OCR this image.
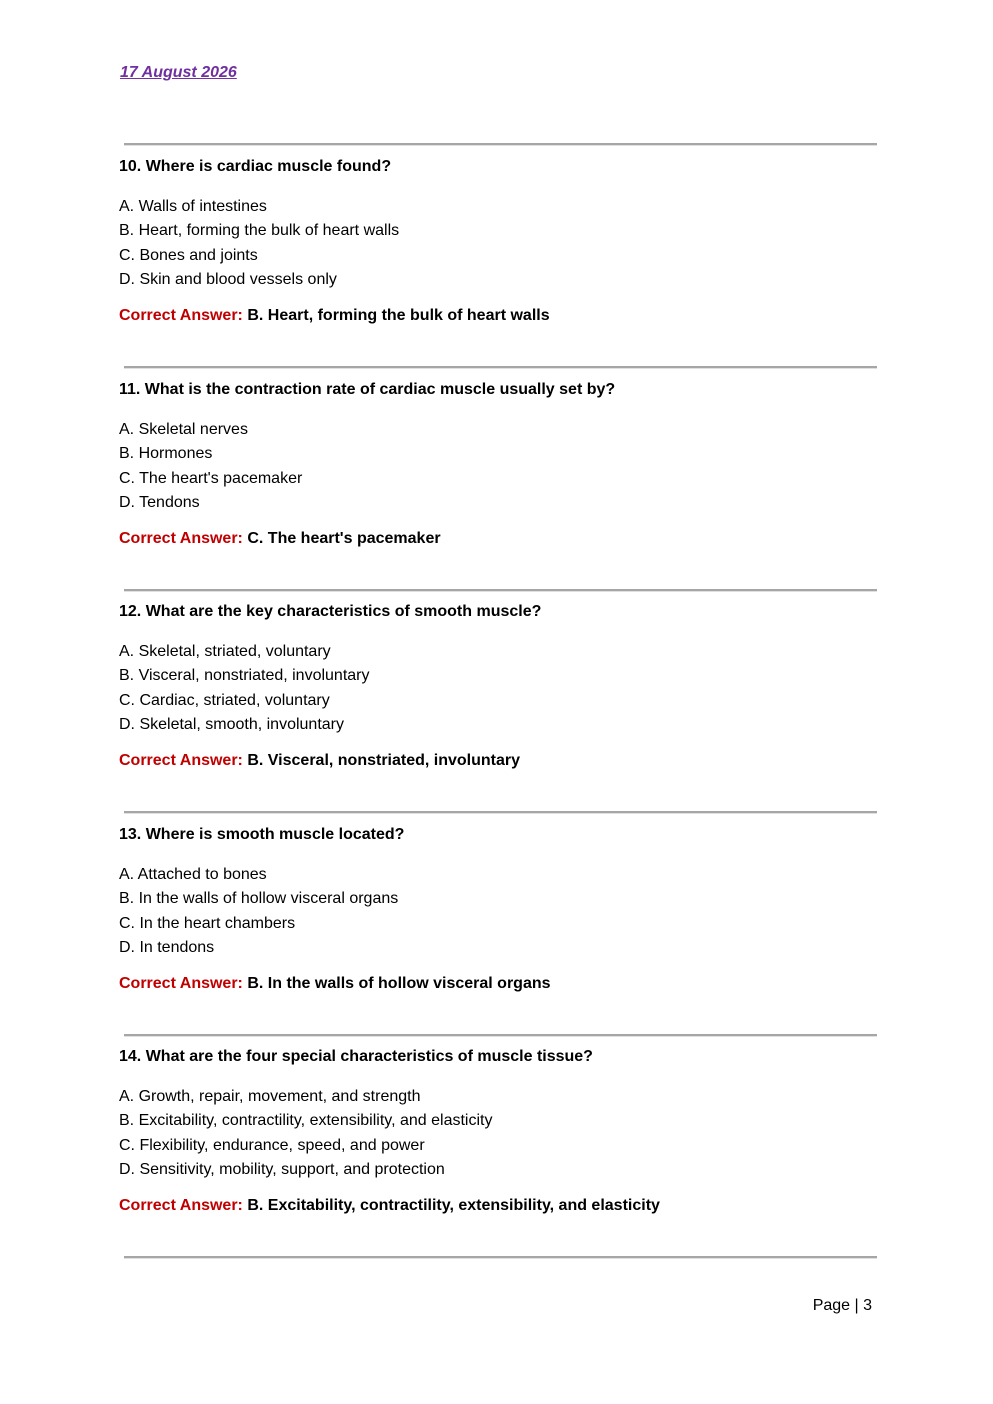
17 August 2026
10. Where is cardiac muscle found?
A. Walls of intestines
B. Heart, forming the bulk of heart walls
C. Bones and joints
D. Skin and blood vessels only
Correct Answer: B. Heart, forming the bulk of heart walls
11. What is the contraction rate of cardiac muscle usually set by?
A. Skeletal nerves
B. Hormones
C. The heart's pacemaker
D. Tendons
Correct Answer: C. The heart's pacemaker
12. What are the key characteristics of smooth muscle?
A. Skeletal, striated, voluntary
B. Visceral, nonstriated, involuntary
C. Cardiac, striated, voluntary
D. Skeletal, smooth, involuntary
Correct Answer: B. Visceral, nonstriated, involuntary
13. Where is smooth muscle located?
A. Attached to bones
B. In the walls of hollow visceral organs
C. In the heart chambers
D. In tendons
Correct Answer: B. In the walls of hollow visceral organs
14. What are the four special characteristics of muscle tissue?
A. Growth, repair, movement, and strength
B. Excitability, contractility, extensibility, and elasticity
C. Flexibility, endurance, speed, and power
D. Sensitivity, mobility, support, and protection
Correct Answer: B. Excitability, contractility, extensibility, and elasticity
Page | 3
